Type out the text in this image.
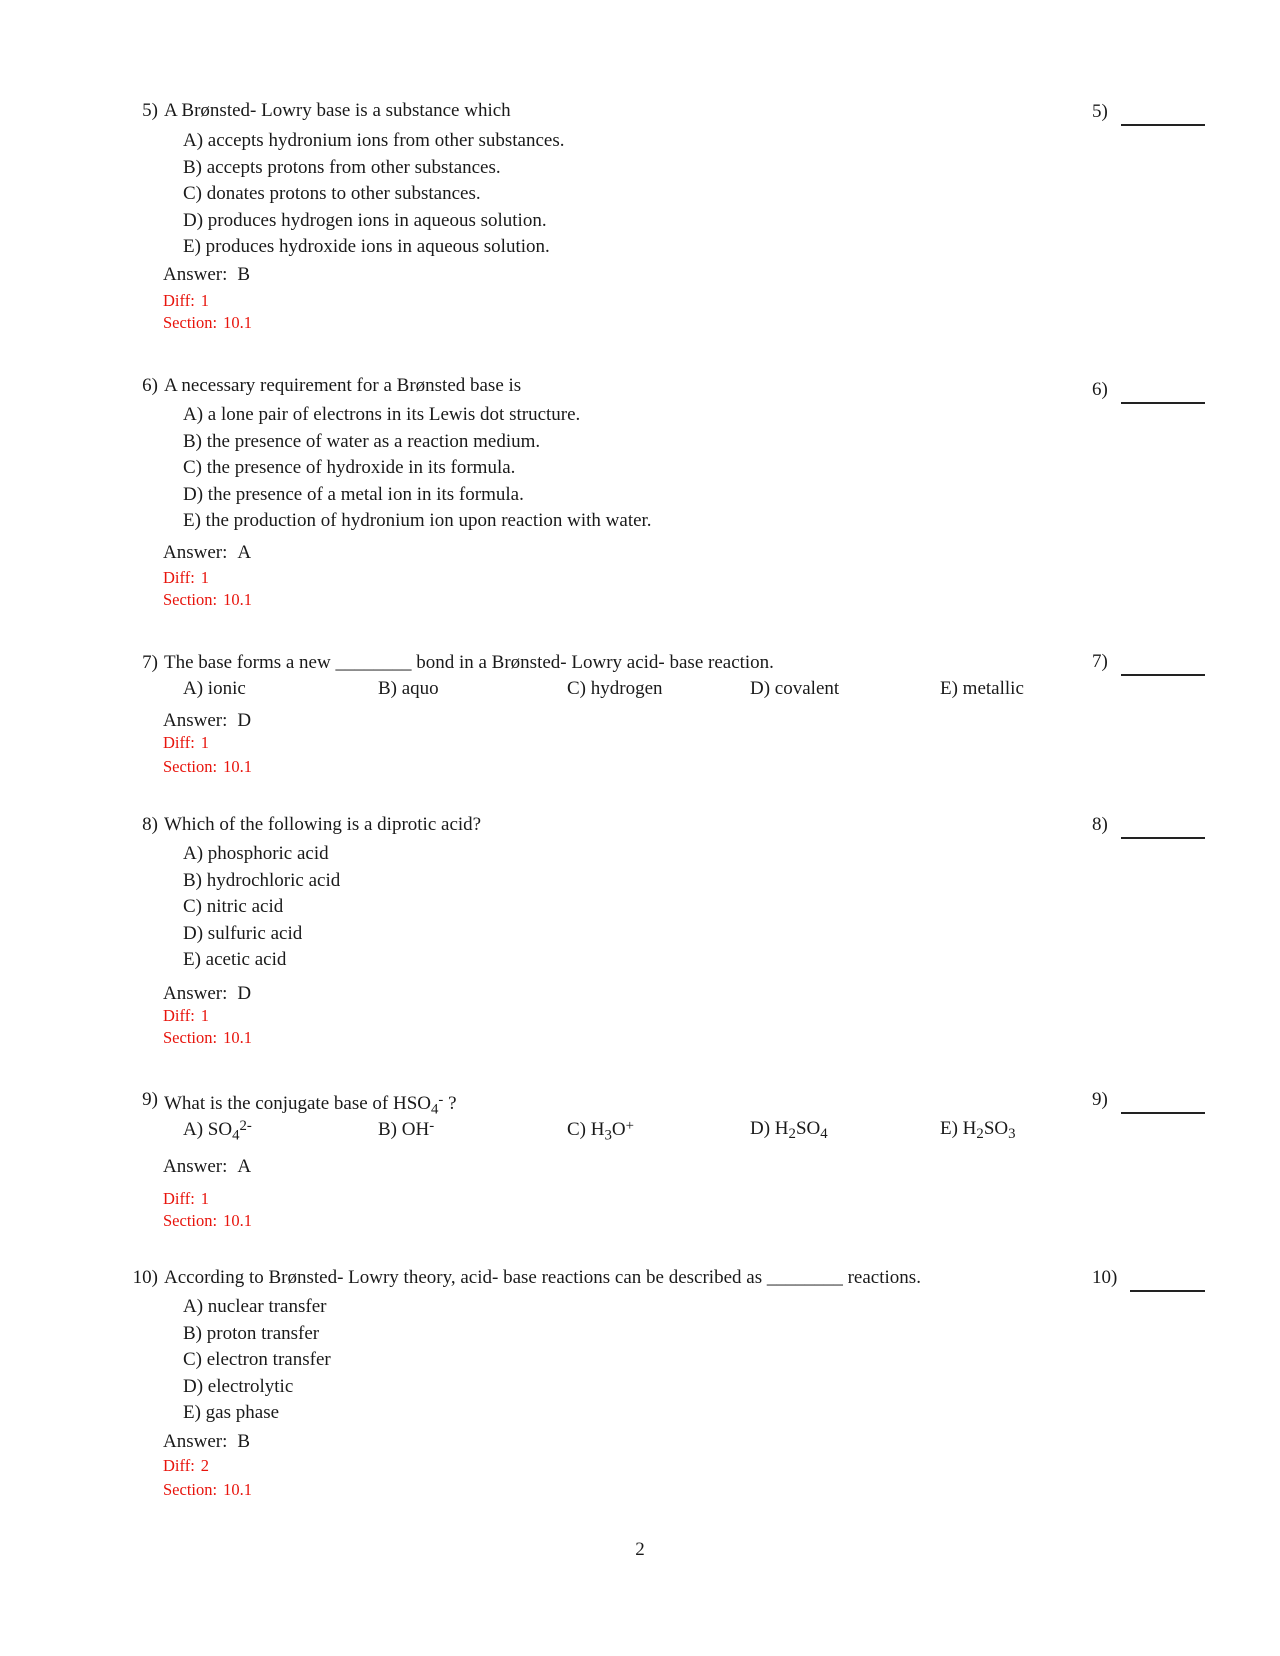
5) A Brønsted- Lowry base is a substance which
A) accepts hydronium ions from other substances.
B) accepts protons from other substances.
C) donates protons to other substances.
D) produces hydrogen ions in aqueous solution.
E) produces hydroxide ions in aqueous solution.
Answer: B
Diff: 1
Section: 10.1
5)
6) A necessary requirement for a Brønsted base is
A) a lone pair of electrons in its Lewis dot structure.
B) the presence of water as a reaction medium.
C) the presence of hydroxide in its formula.
D) the presence of a metal ion in its formula.
E) the production of hydronium ion upon reaction with water.
Answer: A
Diff: 1
Section: 10.1
6)
7) The base forms a new ________ bond in a Brønsted- Lowry acid- base reaction.
A) ionic	B) aquo	C) hydrogen	D) covalent	E) metallic
Answer: D
Diff: 1
Section: 10.1
7)
8) Which of the following is a diprotic acid?
A) phosphoric acid
B) hydrochloric acid
C) nitric acid
D) sulfuric acid
E) acetic acid
Answer: D
Diff: 1
Section: 10.1
8)
9) What is the conjugate base of $HSO_4^-$ ?
A) $SO_4^{2-}$	B) OH-	C) $H_3O^+$	D) $H_2SO_4$	E) $H_2SO_3$
Answer: A
Diff: 1
Section: 10.1
9)
10) According to Brønsted- Lowry theory, acid- base reactions can be described as ________ reactions.
A) nuclear transfer
B) proton transfer
C) electron transfer
D) electrolytic
E) gas phase
Answer: B
Diff: 2
Section: 10.1
10)
2
